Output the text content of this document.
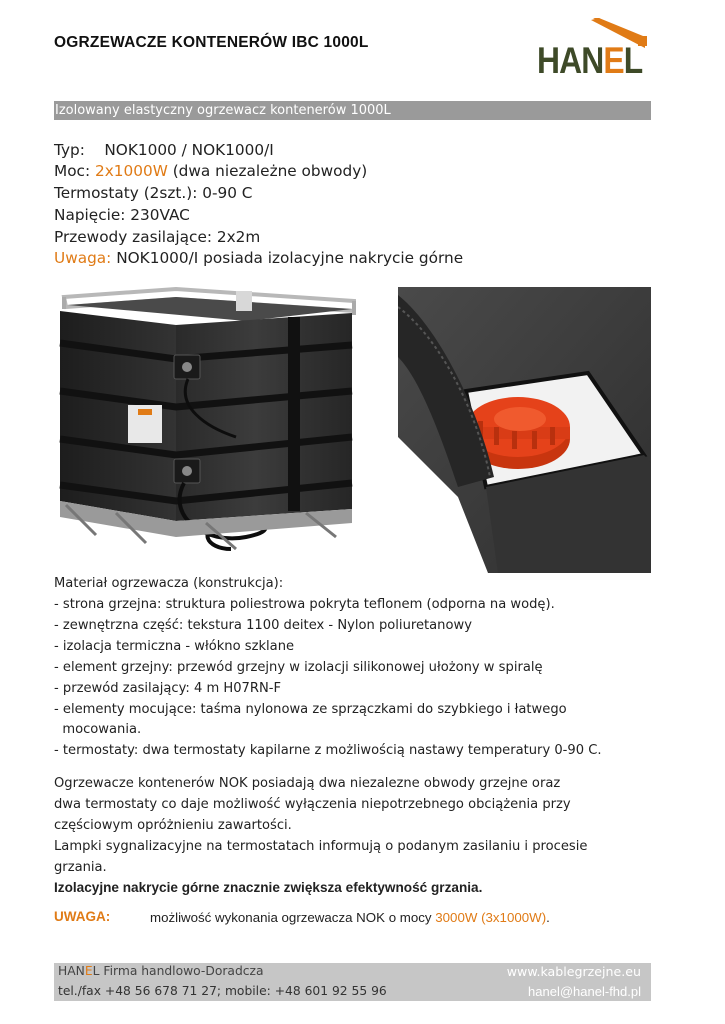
OGRZEWACZE KONTENERÓW IBC 1000L	HANEL
Izolowany elastyczny ogrzewacz kontenerów 1000L
Typ: NOK1000 / NOK1000/I
Moc: 2x1000W (dwa niezależne obwody)
Termostaty (2szt.): 0-90 C
Napięcie: 230VAC
Przewody zasilające: 2x2m
Uwaga: NOK1000/I posiada izolacyjne nakrycie górne
Materiał ogrzewacza (konstrukcja):
- strona grzejna: struktura poliestrowa pokryta teflonem (odporna na wodę).
- zewnętrzna część: tekstura 1100 deitex - Nylon poliuretanowy
- izolacja termiczna - włókno szklane
- element grzejny: przewód grzejny w izolacji silikonowej ułożony w spiralę
- przewód zasilający: 4 m H07RN-F
- elementy mocujące: taśma nylonowa ze sprzączkami do szybkiego i łatwego
mocowania.
- termostaty: dwa termostaty kapilarne z możliwością nastawy temperatury 0-90 C.
Ogrzewacze kontenerów NOK posiadają dwa niezalezne obwody grzejne oraz
dwa termostaty co daje możliwość wyłączenia niepotrzebnego obciążenia przy
częściowym opróżnieniu zawartości.
Lampki sygnalizacyjne na termostatach informują o podanym zasilaniu i procesie
grzania.
Izolacyjne nakrycie górne znacznie zwiększa efektywność grzania.
UWAGA:	możliwość wykonania ogrzewacza NOK o mocy 3000W (3x1000W).
HANEL Firma handlowo-Doradcza
tel./fax +48 56 678 71 27; mobile: +48 601 92 55 96
www.kablegrzejne.eu
hanel@hanel-fhd.pl
